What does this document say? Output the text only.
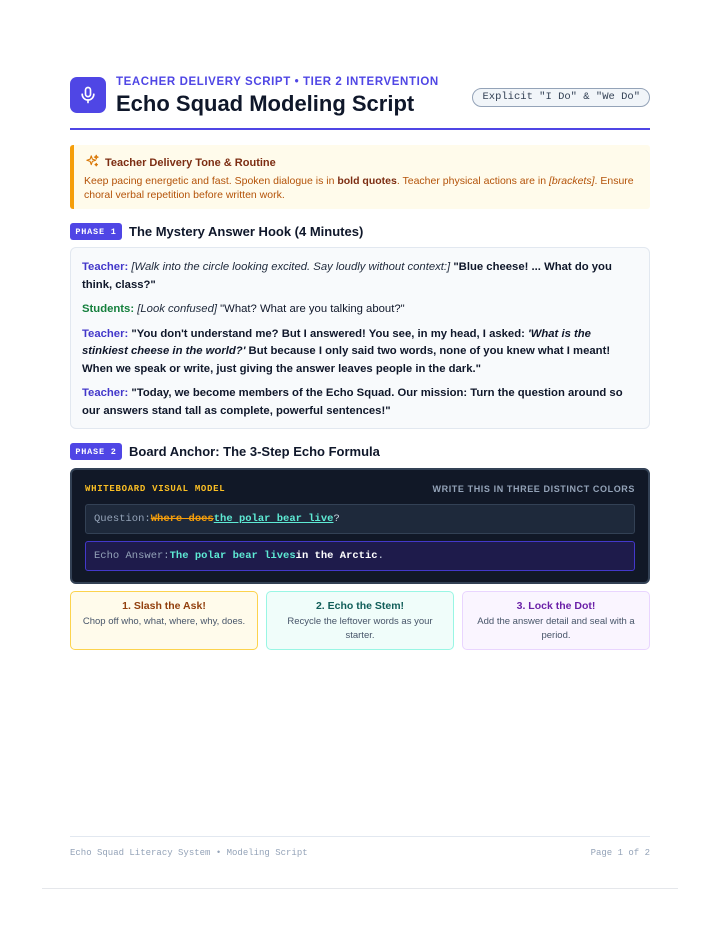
TEACHER DELIVERY SCRIPT • TIER 2 INTERVENTION
Echo Squad Modeling Script	Explicit "I Do" & "We Do"
Teacher Delivery Tone & Routine
Keep pacing energetic and fast. Spoken dialogue is in bold quotes. Teacher physical actions are in [brackets]. Ensure choral verbal repetition before written work.
PHASE 1 The Mystery Answer Hook (4 Minutes)

Teacher: [Walk into the circle looking excited. Say loudly without context:] "Blue cheese! ... What do you think, class?"

Students: [Look confused] "What? What are you talking about?"

Teacher: "You don't understand me? But I answered! You see, in my head, I asked: 'What is the stinkiest cheese in the world?' But because I only said two words, none of you knew what I meant! When we speak or write, just giving the answer leaves people in the dark."

Teacher: "Today, we become members of the Echo Squad. Our mission: Turn the question around so our answers stand tall as complete, powerful sentences!"

PHASE 2 Board Anchor: The 3-Step Echo Formula
WHITEBOARD VISUAL MODEL	WRITE THIS IN THREE DISTINCT COLORS
Question: Where does the polar bear live ?
Echo Answer: The polar bear lives in the Arctic .
1. Slash the Ask!
Chop off who, what, where, why, does.
2. Echo the Stem!
Recycle the leftover words as your starter.
3. Lock the Dot!
Add the answer detail and seal with a period.
Echo Squad Literacy System • Modeling Script	Page 1 of 2
